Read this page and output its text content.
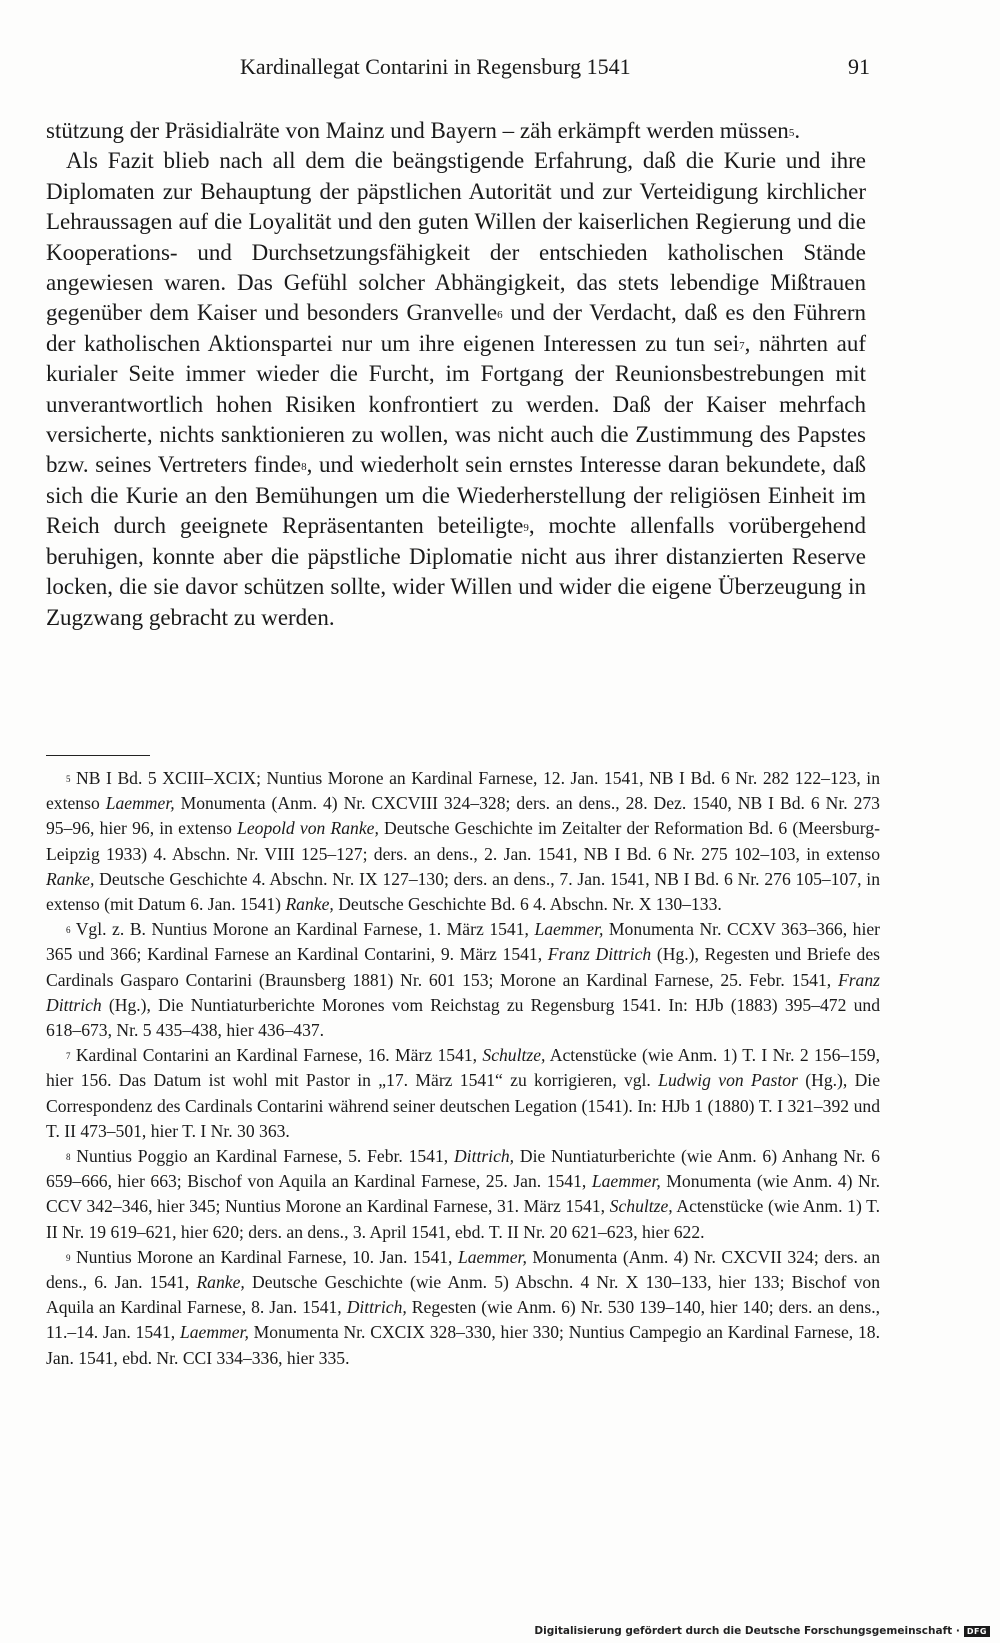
Kardinallegat Contarini in Regensburg 1541	91

stützung der Präsidialräte von Mainz und Bayern – zäh erkämpft werden müssen$^5$.

Als Fazit blieb nach all dem die beängstigende Erfahrung, daß die Kurie und ihre Diplomaten zur Behauptung der päpstlichen Autorität und zur Verteidigung kirchlicher Lehraussagen auf die Loyalität und den guten Willen der kaiserlichen Regierung und die Kooperations- und Durchsetzungsfähigkeit der entschieden katholischen Stände angewiesen waren. Das Gefühl solcher Abhängigkeit, das stets lebendige Mißtrauen gegenüber dem Kaiser und besonders Granvelle$^6$ und der Verdacht, daß es den Führern der katholischen Aktionspartei nur um ihre eigenen Interessen zu tun sei$^7$, nährten auf kurialer Seite immer wieder die Furcht, im Fortgang der Reunionsbestrebungen mit unverantwortlich hohen Risiken konfrontiert zu werden. Daß der Kaiser mehrfach versicherte, nichts sanktionieren zu wollen, was nicht auch die Zustimmung des Papstes bzw. seines Vertreters finde$^8$, und wiederholt sein ernstes Interesse daran bekundete, daß sich die Kurie an den Bemühungen um die Wiederherstellung der religiösen Einheit im Reich durch geeignete Repräsentanten beteiligte$^9$, mochte allenfalls vorübergehend beruhigen, konnte aber die päpstliche Diplomatie nicht aus ihrer distanzierten Reserve locken, die sie davor schützen sollte, wider Willen und wider die eigene Überzeugung in Zugzwang gebracht zu werden.

$^5$ NB I Bd. 5 XCIII–XCIX; Nuntius Morone an Kardinal Farnese, 12. Jan. 1541, NB I Bd. 6 Nr. 282 122–123, in extenso Laemmer, Monumenta (Anm. 4) Nr. CXCVIII 324–328; ders. an dens., 28. Dez. 1540, NB I Bd. 6 Nr. 273 95–96, hier 96, in extenso Leopold von Ranke, Deutsche Geschichte im Zeitalter der Reformation Bd. 6 (Meersburg-Leipzig 1933) 4. Abschn. Nr. VIII 125–127; ders. an dens., 2. Jan. 1541, NB I Bd. 6 Nr. 275 102–103, in extenso Ranke, Deutsche Geschichte 4. Abschn. Nr. IX 127–130; ders. an dens., 7. Jan. 1541, NB I Bd. 6 Nr. 276 105–107, in extenso (mit Datum 6. Jan. 1541) Ranke, Deutsche Geschichte Bd. 6 4. Abschn. Nr. X 130–133.

$^6$ Vgl. z. B. Nuntius Morone an Kardinal Farnese, 1. März 1541, Laemmer, Monumenta Nr. CCXV 363–366, hier 365 und 366; Kardinal Farnese an Kardinal Contarini, 9. März 1541, Franz Dittrich (Hg.), Regesten und Briefe des Cardinals Gasparo Contarini (Braunsberg 1881) Nr. 601 153; Morone an Kardinal Farnese, 25. Febr. 1541, Franz Dittrich (Hg.), Die Nuntiaturberichte Morones vom Reichstag zu Regensburg 1541. In: HJb (1883) 395–472 und 618–673, Nr. 5 435–438, hier 436–437.

$^7$ Kardinal Contarini an Kardinal Farnese, 16. März 1541, Schultze, Actenstücke (wie Anm. 1) T. I Nr. 2 156–159, hier 156. Das Datum ist wohl mit Pastor in „17. März 1541“ zu korrigieren, vgl. Ludwig von Pastor (Hg.), Die Correspondenz des Cardinals Contarini während seiner deutschen Legation (1541). In: HJb 1 (1880) T. I 321–392 und T. II 473–501, hier T. I Nr. 30 363.

$^8$ Nuntius Poggio an Kardinal Farnese, 5. Febr. 1541, Dittrich, Die Nuntiaturberichte (wie Anm. 6) Anhang Nr. 6 659–666, hier 663; Bischof von Aquila an Kardinal Farnese, 25. Jan. 1541, Laemmer, Monumenta (wie Anm. 4) Nr. CCV 342–346, hier 345; Nuntius Morone an Kardinal Farnese, 31. März 1541, Schultze, Actenstücke (wie Anm. 1) T. II Nr. 19 619–621, hier 620; ders. an dens., 3. April 1541, ebd. T. II Nr. 20 621–623, hier 622.

$^9$ Nuntius Morone an Kardinal Farnese, 10. Jan. 1541, Laemmer, Monumenta (Anm. 4) Nr. CXCVII 324; ders. an dens., 6. Jan. 1541, Ranke, Deutsche Geschichte (wie Anm. 5) Abschn. 4 Nr. X 130–133, hier 133; Bischof von Aquila an Kardinal Farnese, 8. Jan. 1541, Dittrich, Regesten (wie Anm. 6) Nr. 530 139–140, hier 140; ders. an dens., 11.–14. Jan. 1541, Laemmer, Monumenta Nr. CXCIX 328–330, hier 330; Nuntius Campegio an Kardinal Farnese, 18. Jan. 1541, ebd. Nr. CCI 334–336, hier 335.

Digitalisierung gefördert durch die Deutsche Forschungsgemeinschaft · DFG
